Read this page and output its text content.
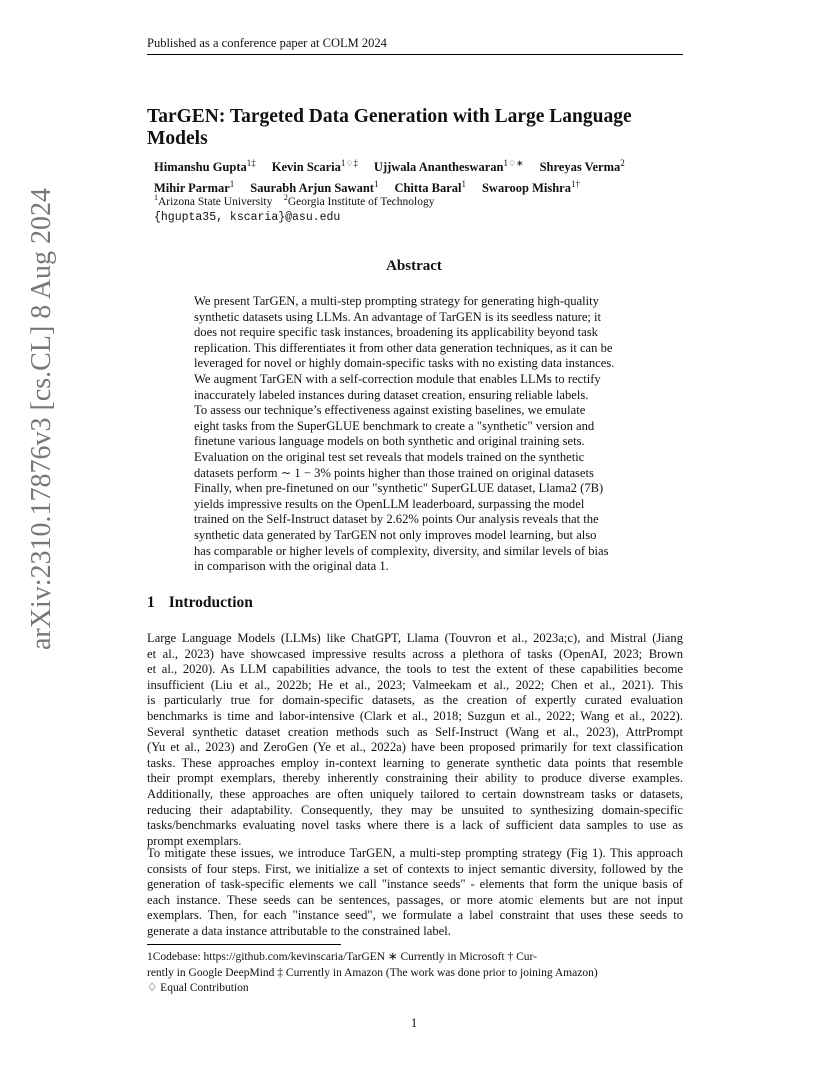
Published as a conference paper at COLM 2024
arXiv:2310.17876v3 [cs.CL] 8 Aug 2024
TarGEN: Targeted Data Generation with Large Language Models
Himanshu Gupta$^{1\ddagger}$ Kevin Scaria$^{1♢\ddagger}$ Ujjwala Anantheswaran$^{1♢∗}$ Shreyas Verma$^2$
Mihir Parmar$^1$ Saurabh Arjun Sawant$^1$ Chitta Baral$^1$ Swaroop Mishra$^{1\dagger}$
$^1$Arizona State University $^2$Georgia Institute of Technology
{hgupta35, kscaria}@asu.edu
Abstract
We present TarGEN, a multi-step prompting strategy for generating high-quality
synthetic datasets using LLMs. An advantage of TarGEN is its seedless nature; it
does not require specific task instances, broadening its applicability beyond task
replication. This differentiates it from other data generation techniques, as it can be
leveraged for novel or highly domain-specific tasks with no existing data instances.
We augment TarGEN with a self-correction module that enables LLMs to rectify
inaccurately labeled instances during dataset creation, ensuring reliable labels.
To assess our technique’s effectiveness against existing baselines, we emulate
eight tasks from the SuperGLUE benchmark to create a "synthetic" version and
finetune various language models on both synthetic and original training sets.
Evaluation on the original test set reveals that models trained on the synthetic
datasets perform ∼ 1 − 3% points higher than those trained on original datasets
Finally, when pre-finetuned on our "synthetic" SuperGLUE dataset, Llama2 (7B)
yields impressive results on the OpenLLM leaderboard, surpassing the model
trained on the Self-Instruct dataset by 2.62% points Our analysis reveals that the
synthetic data generated by TarGEN not only improves model learning, but also
has comparable or higher levels of complexity, diversity, and similar levels of bias
in comparison with the original data 1.
1 Introduction
Large Language Models (LLMs) like ChatGPT, Llama (Touvron et al., 2023a;c), and Mistral (Jiang
et al., 2023) have showcased impressive results across a plethora of tasks (OpenAI, 2023; Brown
et al., 2020). As LLM capabilities advance, the tools to test the extent of these capabilities become
insufficient (Liu et al., 2022b; He et al., 2023; Valmeekam et al., 2022; Chen et al., 2021). This
is particularly true for domain-specific datasets, as the creation of expertly curated evaluation
benchmarks is time and labor-intensive (Clark et al., 2018; Suzgun et al., 2022; Wang et al., 2022).
Several synthetic dataset creation methods such as Self-Instruct (Wang et al., 2023), AttrPrompt
(Yu et al., 2023) and ZeroGen (Ye et al., 2022a) have been proposed primarily for text classification
tasks. These approaches employ in-context learning to generate synthetic data points that resemble
their prompt exemplars, thereby inherently constraining their ability to produce diverse examples.
Additionally, these approaches are often uniquely tailored to certain downstream tasks or datasets,
reducing their adaptability. Consequently, they may be unsuited to synthesizing domain-specific
tasks/benchmarks evaluating novel tasks where there is a lack of sufficient data samples to use as
prompt exemplars.
To mitigate these issues, we introduce TarGEN, a multi-step prompting strategy (Fig 1). This approach
consists of four steps. First, we initialize a set of contexts to inject semantic diversity, followed by the
generation of task-specific elements we call "instance seeds" - elements that form the unique basis of
each instance. These seeds can be sentences, passages, or more atomic elements but are not input
exemplars. Then, for each "instance seed", we formulate a label constraint that uses these seeds to
generate a data instance attributable to the constrained label.
1Codebase: https://github.com/kevinscaria/TarGEN ∗ Currently in Microsoft † Cur-
rently in Google DeepMind ‡ Currently in Amazon (The work was done prior to joining Amazon)
♢ Equal Contribution
1
